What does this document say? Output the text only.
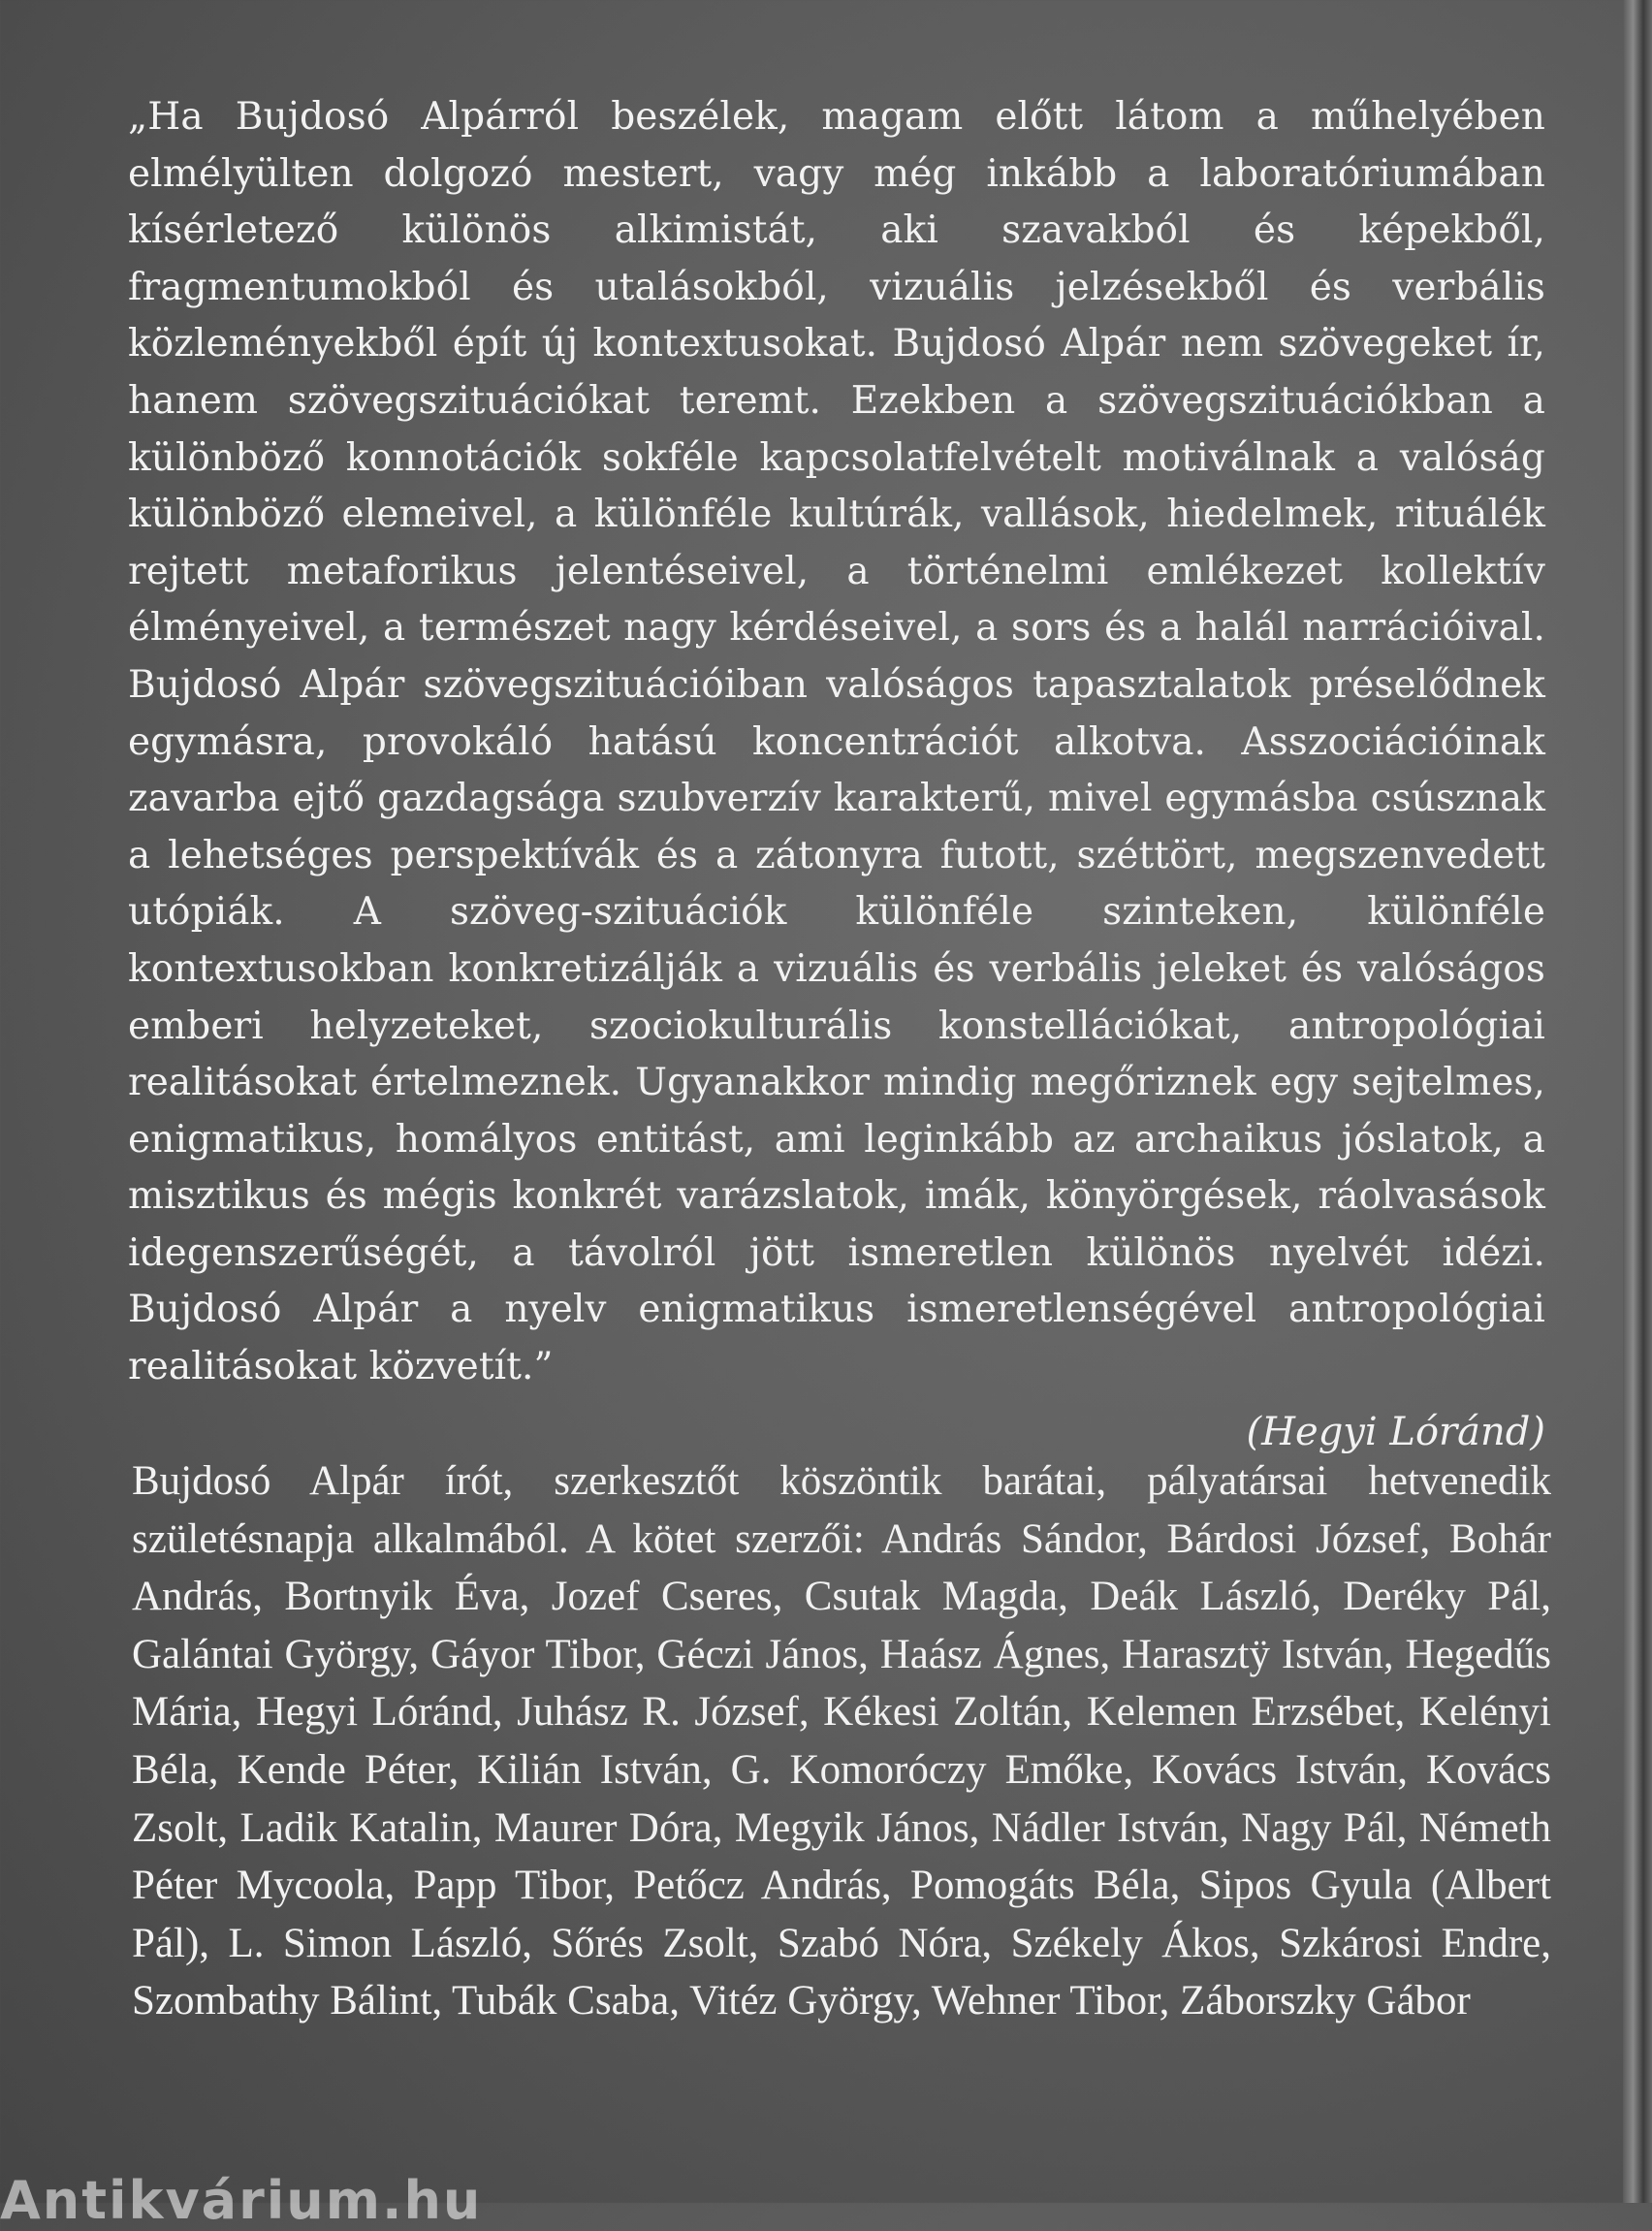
„Ha Bujdosó Alpárról beszélek, magam előtt látom a műhelyében elmélyülten dolgozó mestert, vagy még inkább a laboratóriumában kísérletező különös alkimistát, aki szavakból és képekből, fragmentumokból és utalásokból, vizuális jelzésekből és verbális közleményekből épít új kontextusokat. Bujdosó Alpár nem szövegeket ír, hanem szövegszituációkat teremt. Ezekben a szövegszituációkban a különböző konnotációk sokféle kapcsolatfelvételt motiválnak a valóság különböző elemeivel, a különféle kultúrák, vallások, hiedelmek, rituálék rejtett metaforikus jelentéseivel, a történelmi emlékezet kollektív élményeivel, a természet nagy kérdéseivel, a sors és a halál narrációival. Bujdosó Alpár szövegszituációiban valóságos tapasztalatok préselődnek egymásra, provokáló hatású koncentrációt alkotva. Asszociációinak zavarba ejtő gazdagsága szubverzív karakterű, mivel egymásba csúsznak a lehetséges perspektívák és a zátonyra futott, széttört, megszenvedett utópiák. A szöveg-szituációk különféle szinteken, különféle kontextusokban konkretizálják a vizuális és verbális jeleket és valóságos emberi helyzeteket, szociokulturális konstellációkat, antropológiai realitásokat értelmeznek. Ugyanakkor mindig megőriznek egy sejtelmes, enigmatikus, homályos entitást, ami leginkább az archaikus jóslatok, a misztikus és mégis konkrét varázslatok, imák, könyörgések, ráolvasások idegenszerűségét, a távolról jött ismeretlen különös nyelvét idézi. Bujdosó Alpár a nyelv enigmatikus ismeretlenségével antropológiai realitásokat közvetít.”

(Hegyi Lóránd)

Bujdosó Alpár írót, szerkesztőt köszöntik barátai, pályatársai hetvenedik születésnapja alkalmából. A kötet szerzői: András Sándor, Bárdosi József, Bohár András, Bortnyik Éva, Jozef Cseres, Csutak Magda, Deák László, Deréky Pál, Galántai György, Gáyor Tibor, Géczi János, Haász Ágnes, Harasztÿ István, Hegedűs Mária, Hegyi Lóránd, Juhász R. József, Kékesi Zoltán, Kelemen Erzsébet, Kelényi Béla, Kende Péter, Kilián István, G. Komoróczy Emőke, Kovács István, Kovács Zsolt, Ladik Katalin, Maurer Dóra, Megyik János, Nádler István, Nagy Pál, Németh Péter Mycoola, Papp Tibor, Petőcz András, Pomogáts Béla, Sipos Gyula (Albert Pál), L. Simon László, Sőrés Zsolt, Szabó Nóra, Székely Ákos, Szkárosi Endre, Szombathy Bálint, Tubák Csaba, Vitéz György, Wehner Tibor, Záborszky Gábor

Antikvárium.hu
